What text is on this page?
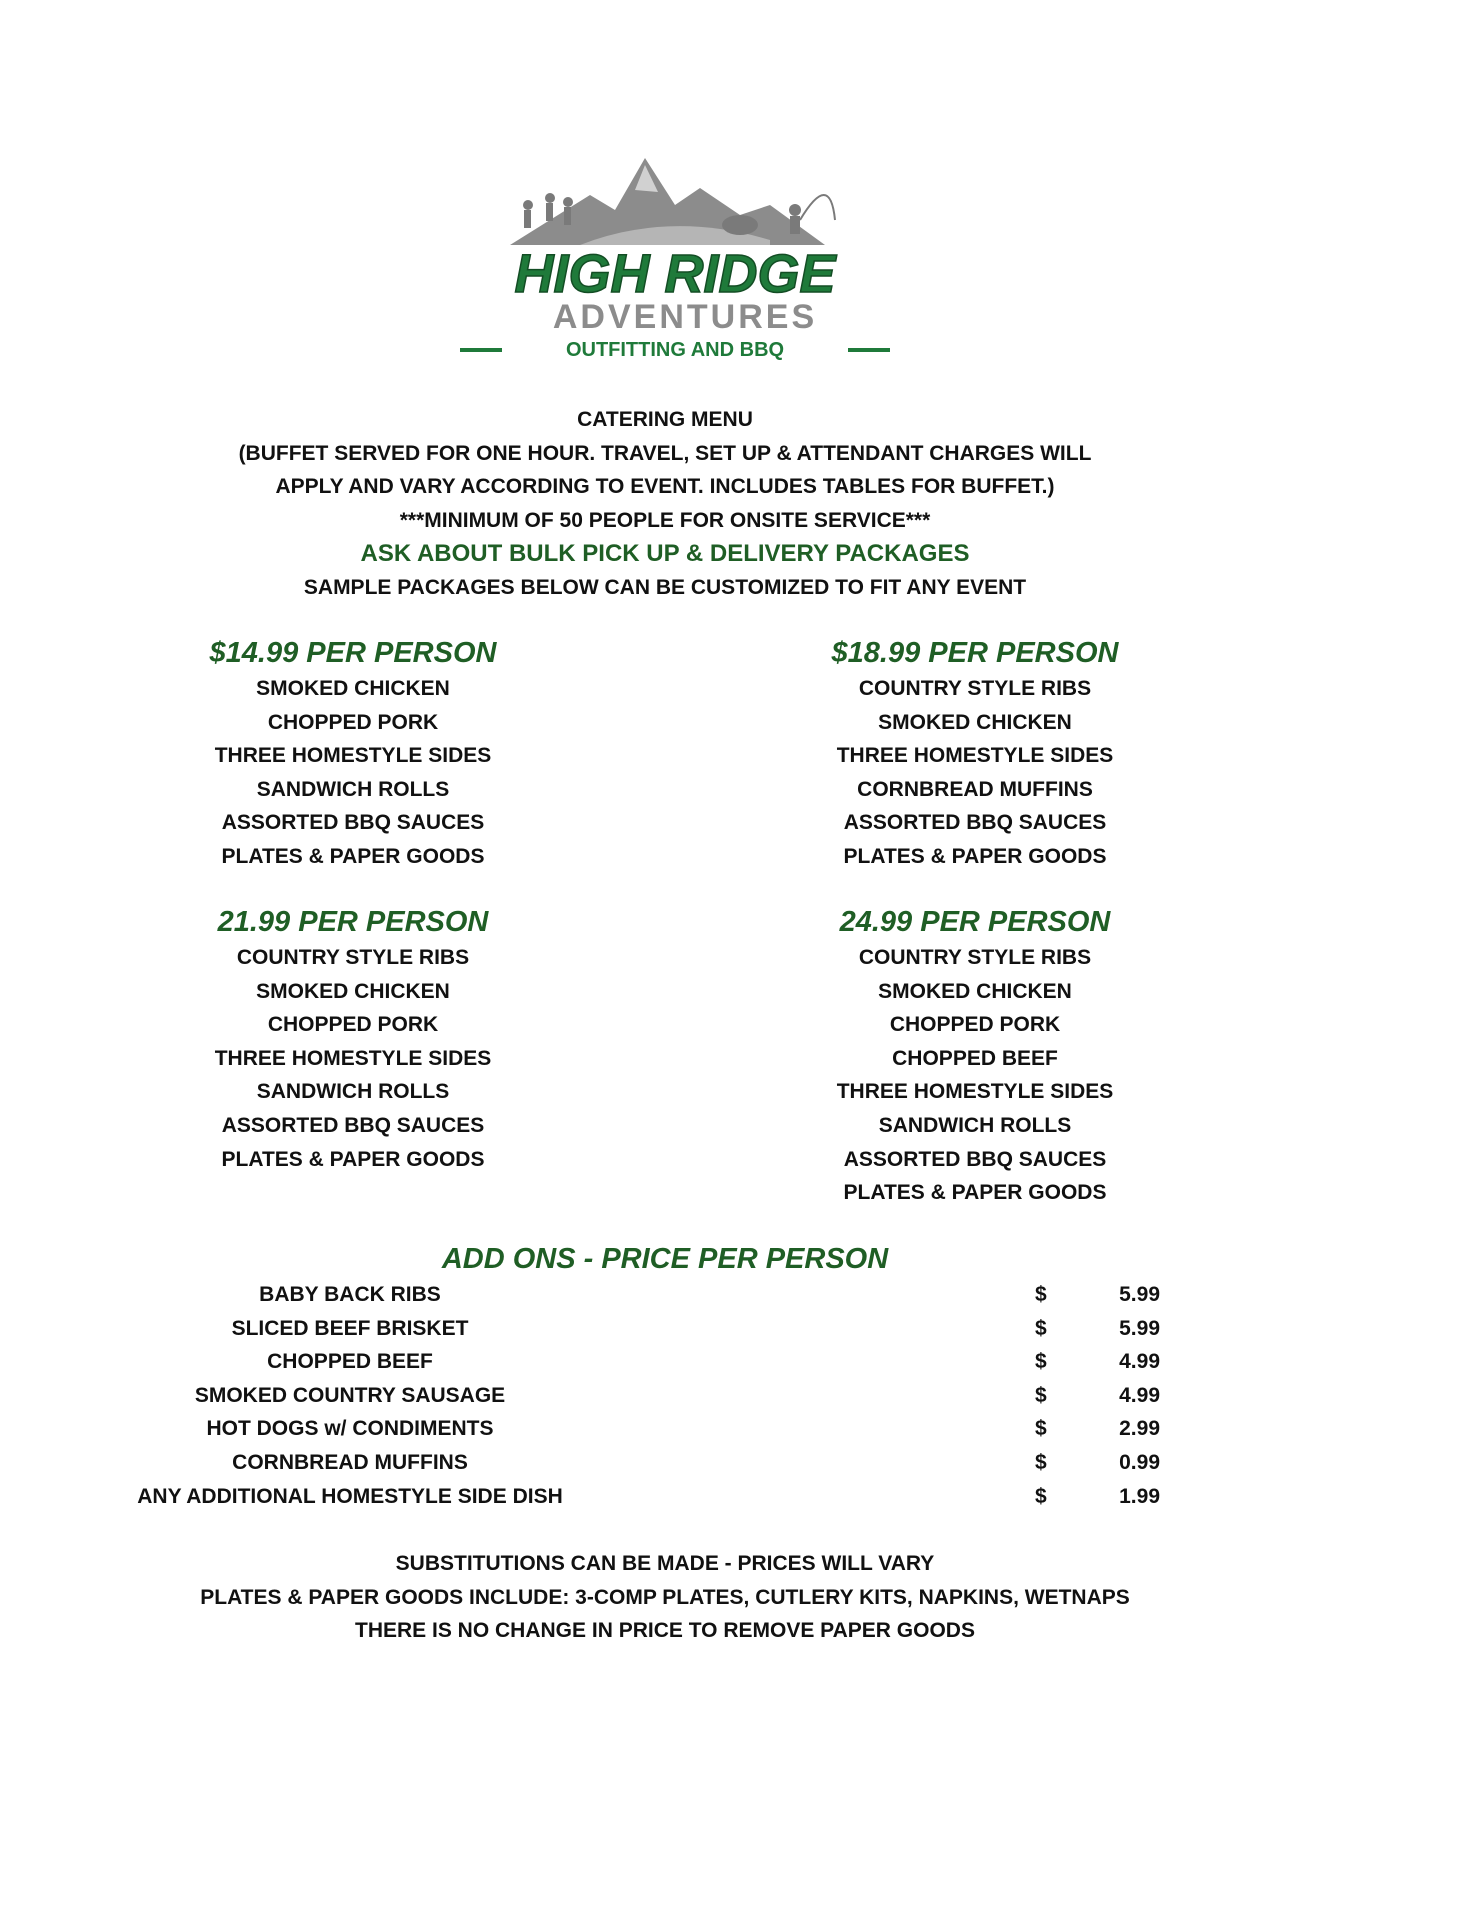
HIGH RIDGE
ADVENTURES
OUTFITTING AND BBQ
CATERING MENU
(BUFFET SERVED FOR ONE HOUR. TRAVEL, SET UP & ATTENDANT CHARGES WILL
APPLY AND VARY ACCORDING TO EVENT. INCLUDES TABLES FOR BUFFET.)
***MINIMUM OF 50 PEOPLE FOR ONSITE SERVICE***
ASK ABOUT BULK PICK UP & DELIVERY PACKAGES
SAMPLE PACKAGES BELOW CAN BE CUSTOMIZED TO FIT ANY EVENT
$14.99 PER PERSON
SMOKED CHICKEN
CHOPPED PORK
THREE HOMESTYLE SIDES
SANDWICH ROLLS
ASSORTED BBQ SAUCES
PLATES & PAPER GOODS
$18.99 PER PERSON
COUNTRY STYLE RIBS
SMOKED CHICKEN
THREE HOMESTYLE SIDES
CORNBREAD MUFFINS
ASSORTED BBQ SAUCES
PLATES & PAPER GOODS
21.99 PER PERSON
COUNTRY STYLE RIBS
SMOKED CHICKEN
CHOPPED PORK
THREE HOMESTYLE SIDES
SANDWICH ROLLS
ASSORTED BBQ SAUCES
PLATES & PAPER GOODS
24.99 PER PERSON
COUNTRY STYLE RIBS
SMOKED CHICKEN
CHOPPED PORK
CHOPPED BEEF
THREE HOMESTYLE SIDES
SANDWICH ROLLS
ASSORTED BBQ SAUCES
PLATES & PAPER GOODS
ADD ONS - PRICE PER PERSON
BABY BACK RIBS	$	5.99
SLICED BEEF BRISKET	$	5.99
CHOPPED BEEF	$	4.99
SMOKED COUNTRY SAUSAGE	$	4.99
HOT DOGS w/ CONDIMENTS	$	2.99
CORNBREAD MUFFINS	$	0.99
ANY ADDITIONAL HOMESTYLE SIDE DISH	$	1.99
SUBSTITUTIONS CAN BE MADE - PRICES WILL VARY
PLATES & PAPER GOODS INCLUDE: 3-COMP PLATES, CUTLERY KITS, NAPKINS, WETNAPS
THERE IS NO CHANGE IN PRICE TO REMOVE PAPER GOODS
